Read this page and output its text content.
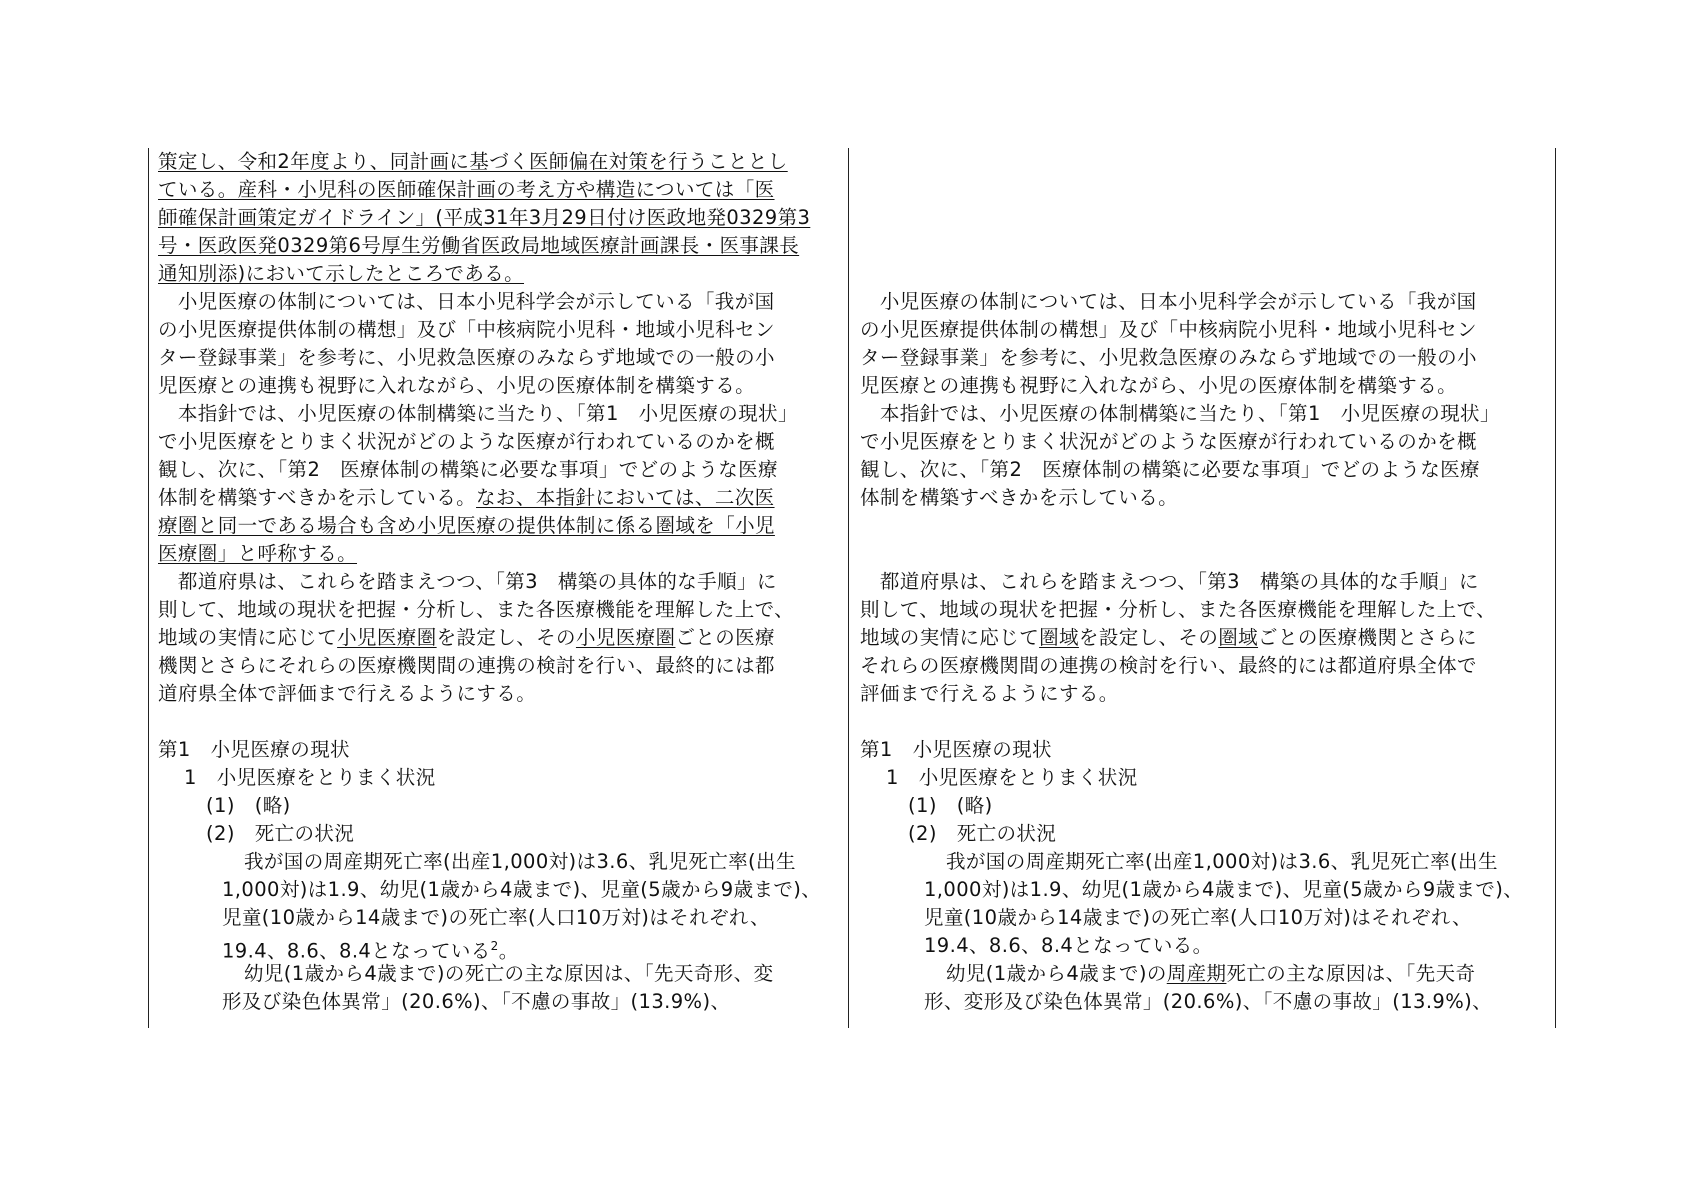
策定し、令和2年度より、同計画に基づく医師偏在対策を行うこととし
ている。産科・小児科の医師確保計画の考え方や構造については「医
師確保計画策定ガイドライン」(平成31年3月29日付け医政地発0329第3
号・医政医発0329第6号厚生労働省医政局地域医療計画課長・医事課長
通知別添)において示したところである。
　小児医療の体制については、日本小児科学会が示している「我が国
の小児医療提供体制の構想」及び「中核病院小児科・地域小児科セン
ター登録事業」を参考に、小児救急医療のみならず地域での一般の小
児医療との連携も視野に入れながら、小児の医療体制を構築する。
　本指針では、小児医療の体制構築に当たり、「第1　小児医療の現状」
で小児医療をとりまく状況がどのような医療が行われているのかを概
観し、次に、「第2　医療体制の構築に必要な事項」でどのような医療
体制を構築すべきかを示している。なお、本指針においては、二次医
療圏と同一である場合も含め小児医療の提供体制に係る圏域を「小児
医療圏」と呼称する。
　都道府県は、これらを踏まえつつ、「第3　構築の具体的な手順」に
則して、地域の現状を把握・分析し、また各医療機能を理解した上で、
地域の実情に応じて小児医療圏を設定し、その小児医療圏ごとの医療
機関とさらにそれらの医療機関間の連携の検討を行い、最終的には都
道府県全体で評価まで行えるようにする。
第1　小児医療の現状
1　小児医療をとりまく状況
(1)　(略)
(2)　死亡の状況
我が国の周産期死亡率(出産1,000対)は3.6、乳児死亡率(出生
1,000対)は1.9、幼児(1歳から4歳まで)、児童(5歳から9歳まで)、
児童(10歳から14歳まで)の死亡率(人口10万対)はそれぞれ、
19.4、8.6、8.4となっている$^2$。
幼児(1歳から4歳まで)の死亡の主な原因は、「先天奇形、変
形及び染色体異常」(20.6%)、「不慮の事故」(13.9%)、
　小児医療の体制については、日本小児科学会が示している「我が国
の小児医療提供体制の構想」及び「中核病院小児科・地域小児科セン
ター登録事業」を参考に、小児救急医療のみならず地域での一般の小
児医療との連携も視野に入れながら、小児の医療体制を構築する。
　本指針では、小児医療の体制構築に当たり、「第1　小児医療の現状」
で小児医療をとりまく状況がどのような医療が行われているのかを概
観し、次に、「第2　医療体制の構築に必要な事項」でどのような医療
体制を構築すべきかを示している。
　都道府県は、これらを踏まえつつ、「第3　構築の具体的な手順」に
則して、地域の現状を把握・分析し、また各医療機能を理解した上で、
地域の実情に応じて圏域を設定し、その圏域ごとの医療機関とさらに
それらの医療機関間の連携の検討を行い、最終的には都道府県全体で
評価まで行えるようにする。
第1　小児医療の現状
1　小児医療をとりまく状況
(1)　(略)
(2)　死亡の状況
我が国の周産期死亡率(出産1,000対)は3.6、乳児死亡率(出生
1,000対)は1.9、幼児(1歳から4歳まで)、児童(5歳から9歳まで)、
児童(10歳から14歳まで)の死亡率(人口10万対)はそれぞれ、
19.4、8.6、8.4となっている。
幼児(1歳から4歳まで)の周産期死亡の主な原因は、「先天奇
形、変形及び染色体異常」(20.6%)、「不慮の事故」(13.9%)、
